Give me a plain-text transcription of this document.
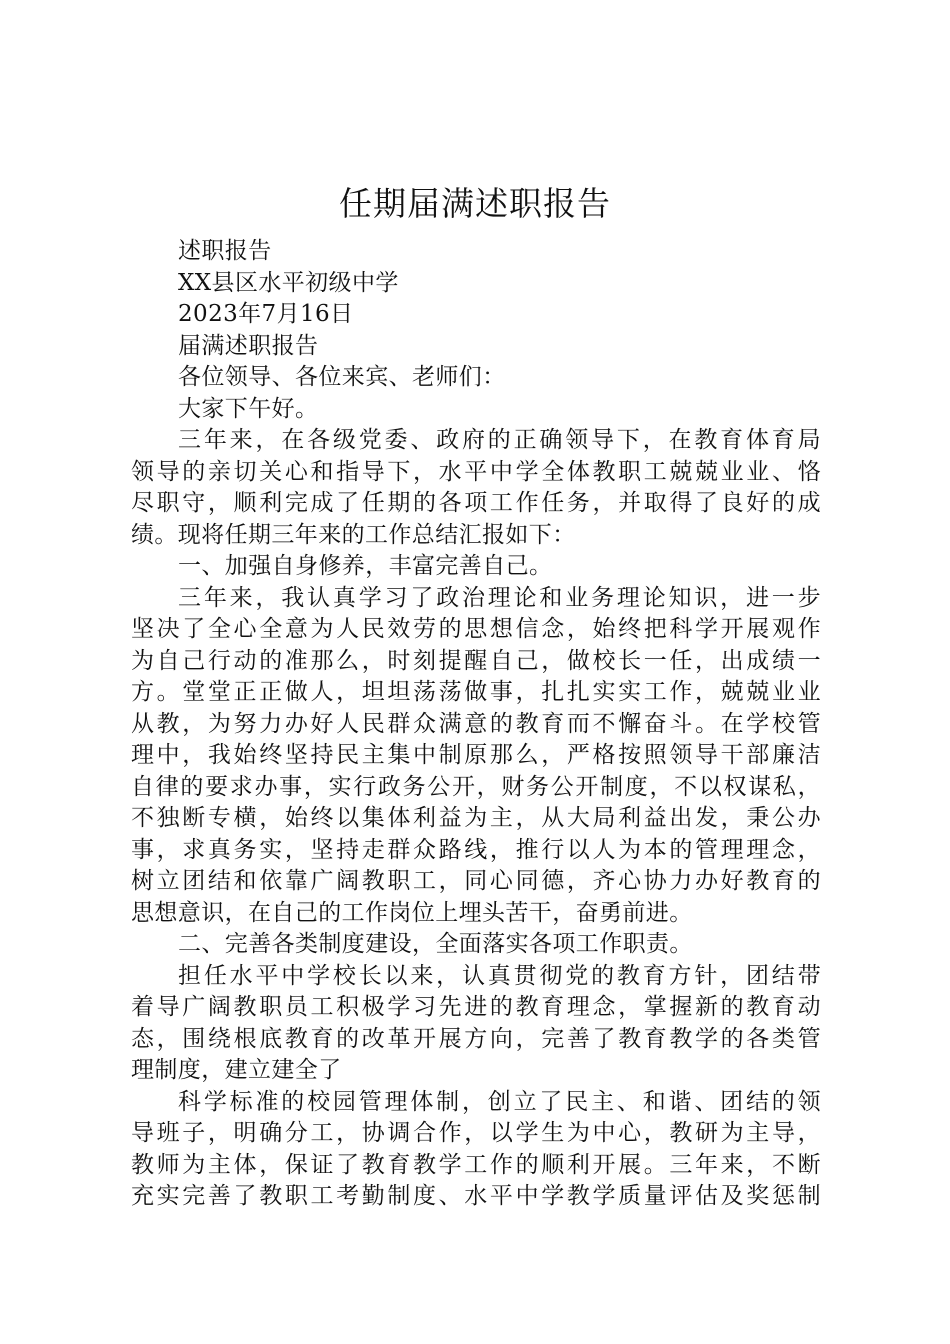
任期届满述职报告
述职报告
XX县区水平初级中学
2023年7月16日
届满述职报告
各位领导、各位来宾、老师们：
大家下午好。
三年来，在各级党委、政府的正确领导下，在教育体育局
领导的亲切关心和指导下，水平中学全体教职工兢兢业业、恪
尽职守，顺利完成了任期的各项工作任务，并取得了良好的成
绩。现将任期三年来的工作总结汇报如下：
一、加强自身修养，丰富完善自己。
三年来，我认真学习了政治理论和业务理论知识，进一步
坚决了全心全意为人民效劳的思想信念，始终把科学开展观作
为自己行动的准那么，时刻提醒自己，做校长一任，出成绩一
方。堂堂正正做人，坦坦荡荡做事，扎扎实实工作，兢兢业业
从教，为努力办好人民群众满意的教育而不懈奋斗。在学校管
理中，我始终坚持民主集中制原那么，严格按照领导干部廉洁
自律的要求办事，实行政务公开，财务公开制度，不以权谋私，
不独断专横，始终以集体利益为主，从大局利益出发，秉公办
事，求真务实，坚持走群众路线，推行以人为本的管理理念，
树立团结和依靠广阔教职工，同心同德，齐心协力办好教育的
思想意识，在自己的工作岗位上埋头苦干，奋勇前进。
二、完善各类制度建设，全面落实各项工作职责。
担任水平中学校长以来，认真贯彻党的教育方针，团结带
着导广阔教职员工积极学习先进的教育理念，掌握新的教育动
态，围绕根底教育的改革开展方向，完善了教育教学的各类管
理制度，建立建全了
科学标准的校园管理体制，创立了民主、和谐、团结的领
导班子，明确分工，协调合作，以学生为中心，教研为主导，
教师为主体，保证了教育教学工作的顺利开展。三年来，不断
充实完善了教职工考勤制度、水平中学教学质量评估及奖惩制
